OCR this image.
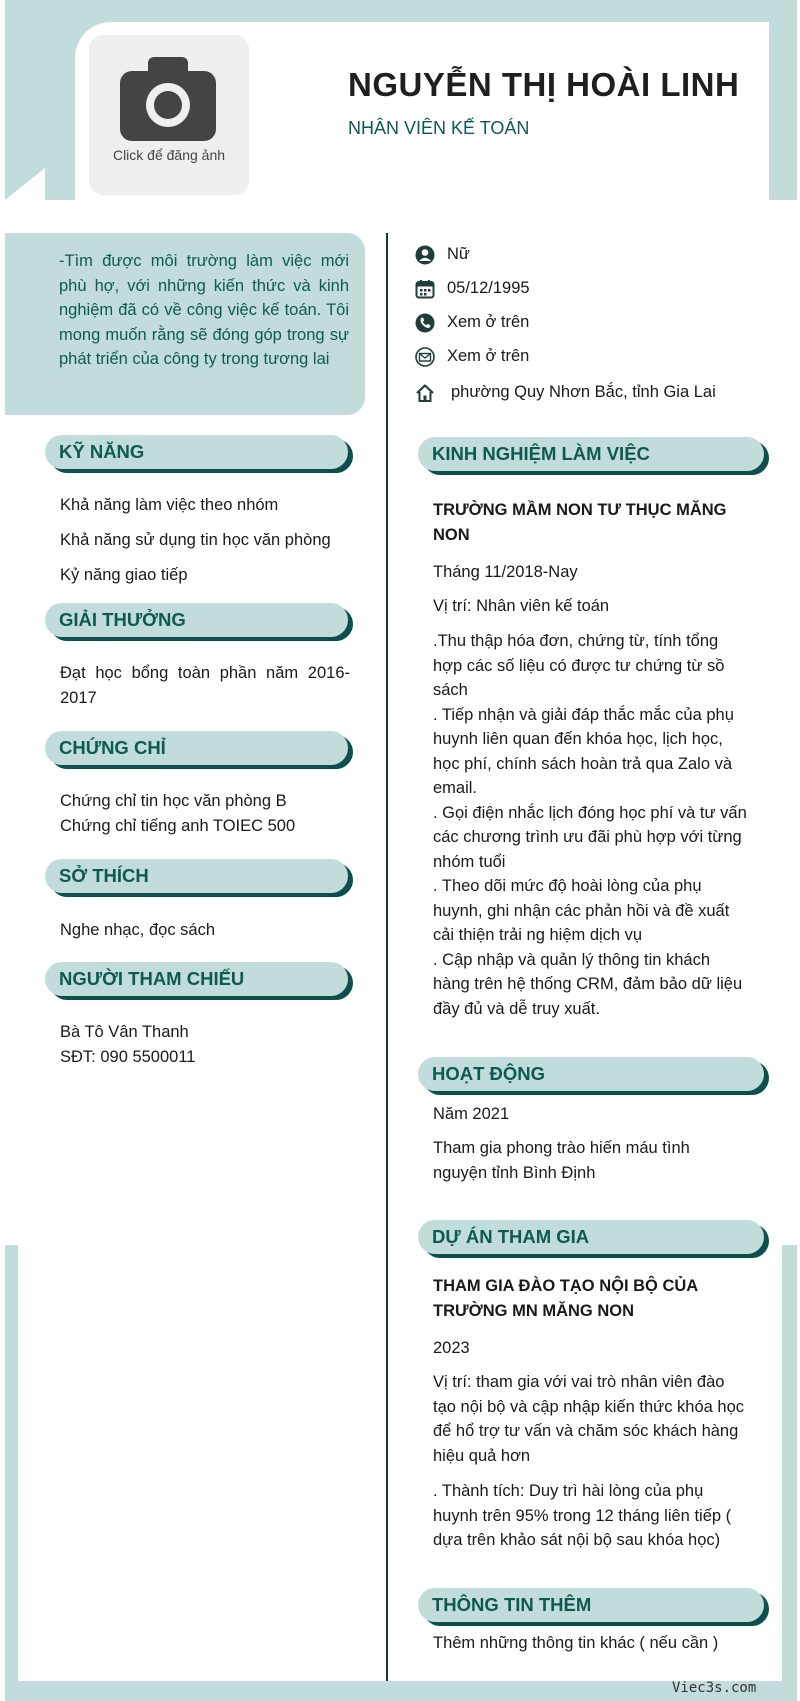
Click để đăng ảnh
NGUYỄN THỊ HOÀI LINH
NHÂN VIÊN KẾ TOÁN

-Tìm được môi trường làm việc mới phù hợ, với những kiến thức và kinh nghiệm đã có về công việc kế toán. Tôi mong muốn rằng sẽ đóng góp trong sự phát triển của công ty trong tương lai

Nữ
05/12/1995
Xem ở trên
Xem ở trên
phường Quy Nhơn Bắc, tỉnh Gia Lai
KỸ NĂNG

Khả năng làm việc theo nhóm

Khả năng sử dụng tin học văn phòng

Kỷ năng giao tiếp

GIẢI THƯỞNG

Đạt học bổng toàn phần năm 2016-2017

CHỨNG CHỈ

Chứng chỉ tin học văn phòng B

Chứng chỉ tiếng anh TOIEC 500

SỞ THÍCH

Nghe nhạc, đọc sách

NGƯỜI THAM CHIẾU

Bà Tô Vân Thanh

SĐT: 090 5500011

KINH NGHIỆM LÀM VIỆC

TRƯỜNG MẦM NON TƯ THỤC MĂNG NON

Tháng 11/2018-Nay

Vị trí: Nhân viên kế toán

.Thu thập hóa đơn, chứng từ, tính tổng hợp các số liệu có được tư chứng từ sồ sách
. Tiếp nhận và giải đáp thắc mắc của phụ huynh liên quan đến khóa học, lịch học, học phí, chính sách hoàn trả qua Zalo và email.
. Gọi điện nhắc lịch đóng học phí và tư vấn các chương trình ưu đãi phù hợp với từng nhóm tuổi
. Theo dõi mức độ hoài lòng của phụ huynh, ghi nhận các phản hồi và đề xuất cải thiện trải ng hiệm dịch vụ
. Cập nhập và quản lý thông tin khách hàng trên hệ thống CRM, đảm bảo dữ liệu đầy đủ và dễ truy xuất.
HOẠT ĐỘNG

Năm 2021

Tham gia phong trào hiến máu tình nguyện tỉnh Bình Định

DỰ ÁN THAM GIA

THAM GIA ĐÀO TẠO NỘI BỘ CỦA TRƯỜNG MN MĂNG NON

2023

Vị trí: tham gia với vai trò nhân viên đào tạo nội bộ và cập nhập kiến thức khóa học để hổ trợ tư vấn và chăm sóc khách hàng hiệu quả hơn

. Thành tích: Duy trì hài lòng của phụ huynh trên 95% trong 12 tháng liên tiếp ( dựa trên khảo sát nội bộ sau khóa học)

THÔNG TIN THÊM

Thêm những thông tin khác ( nếu cần )

Viec3s.com
